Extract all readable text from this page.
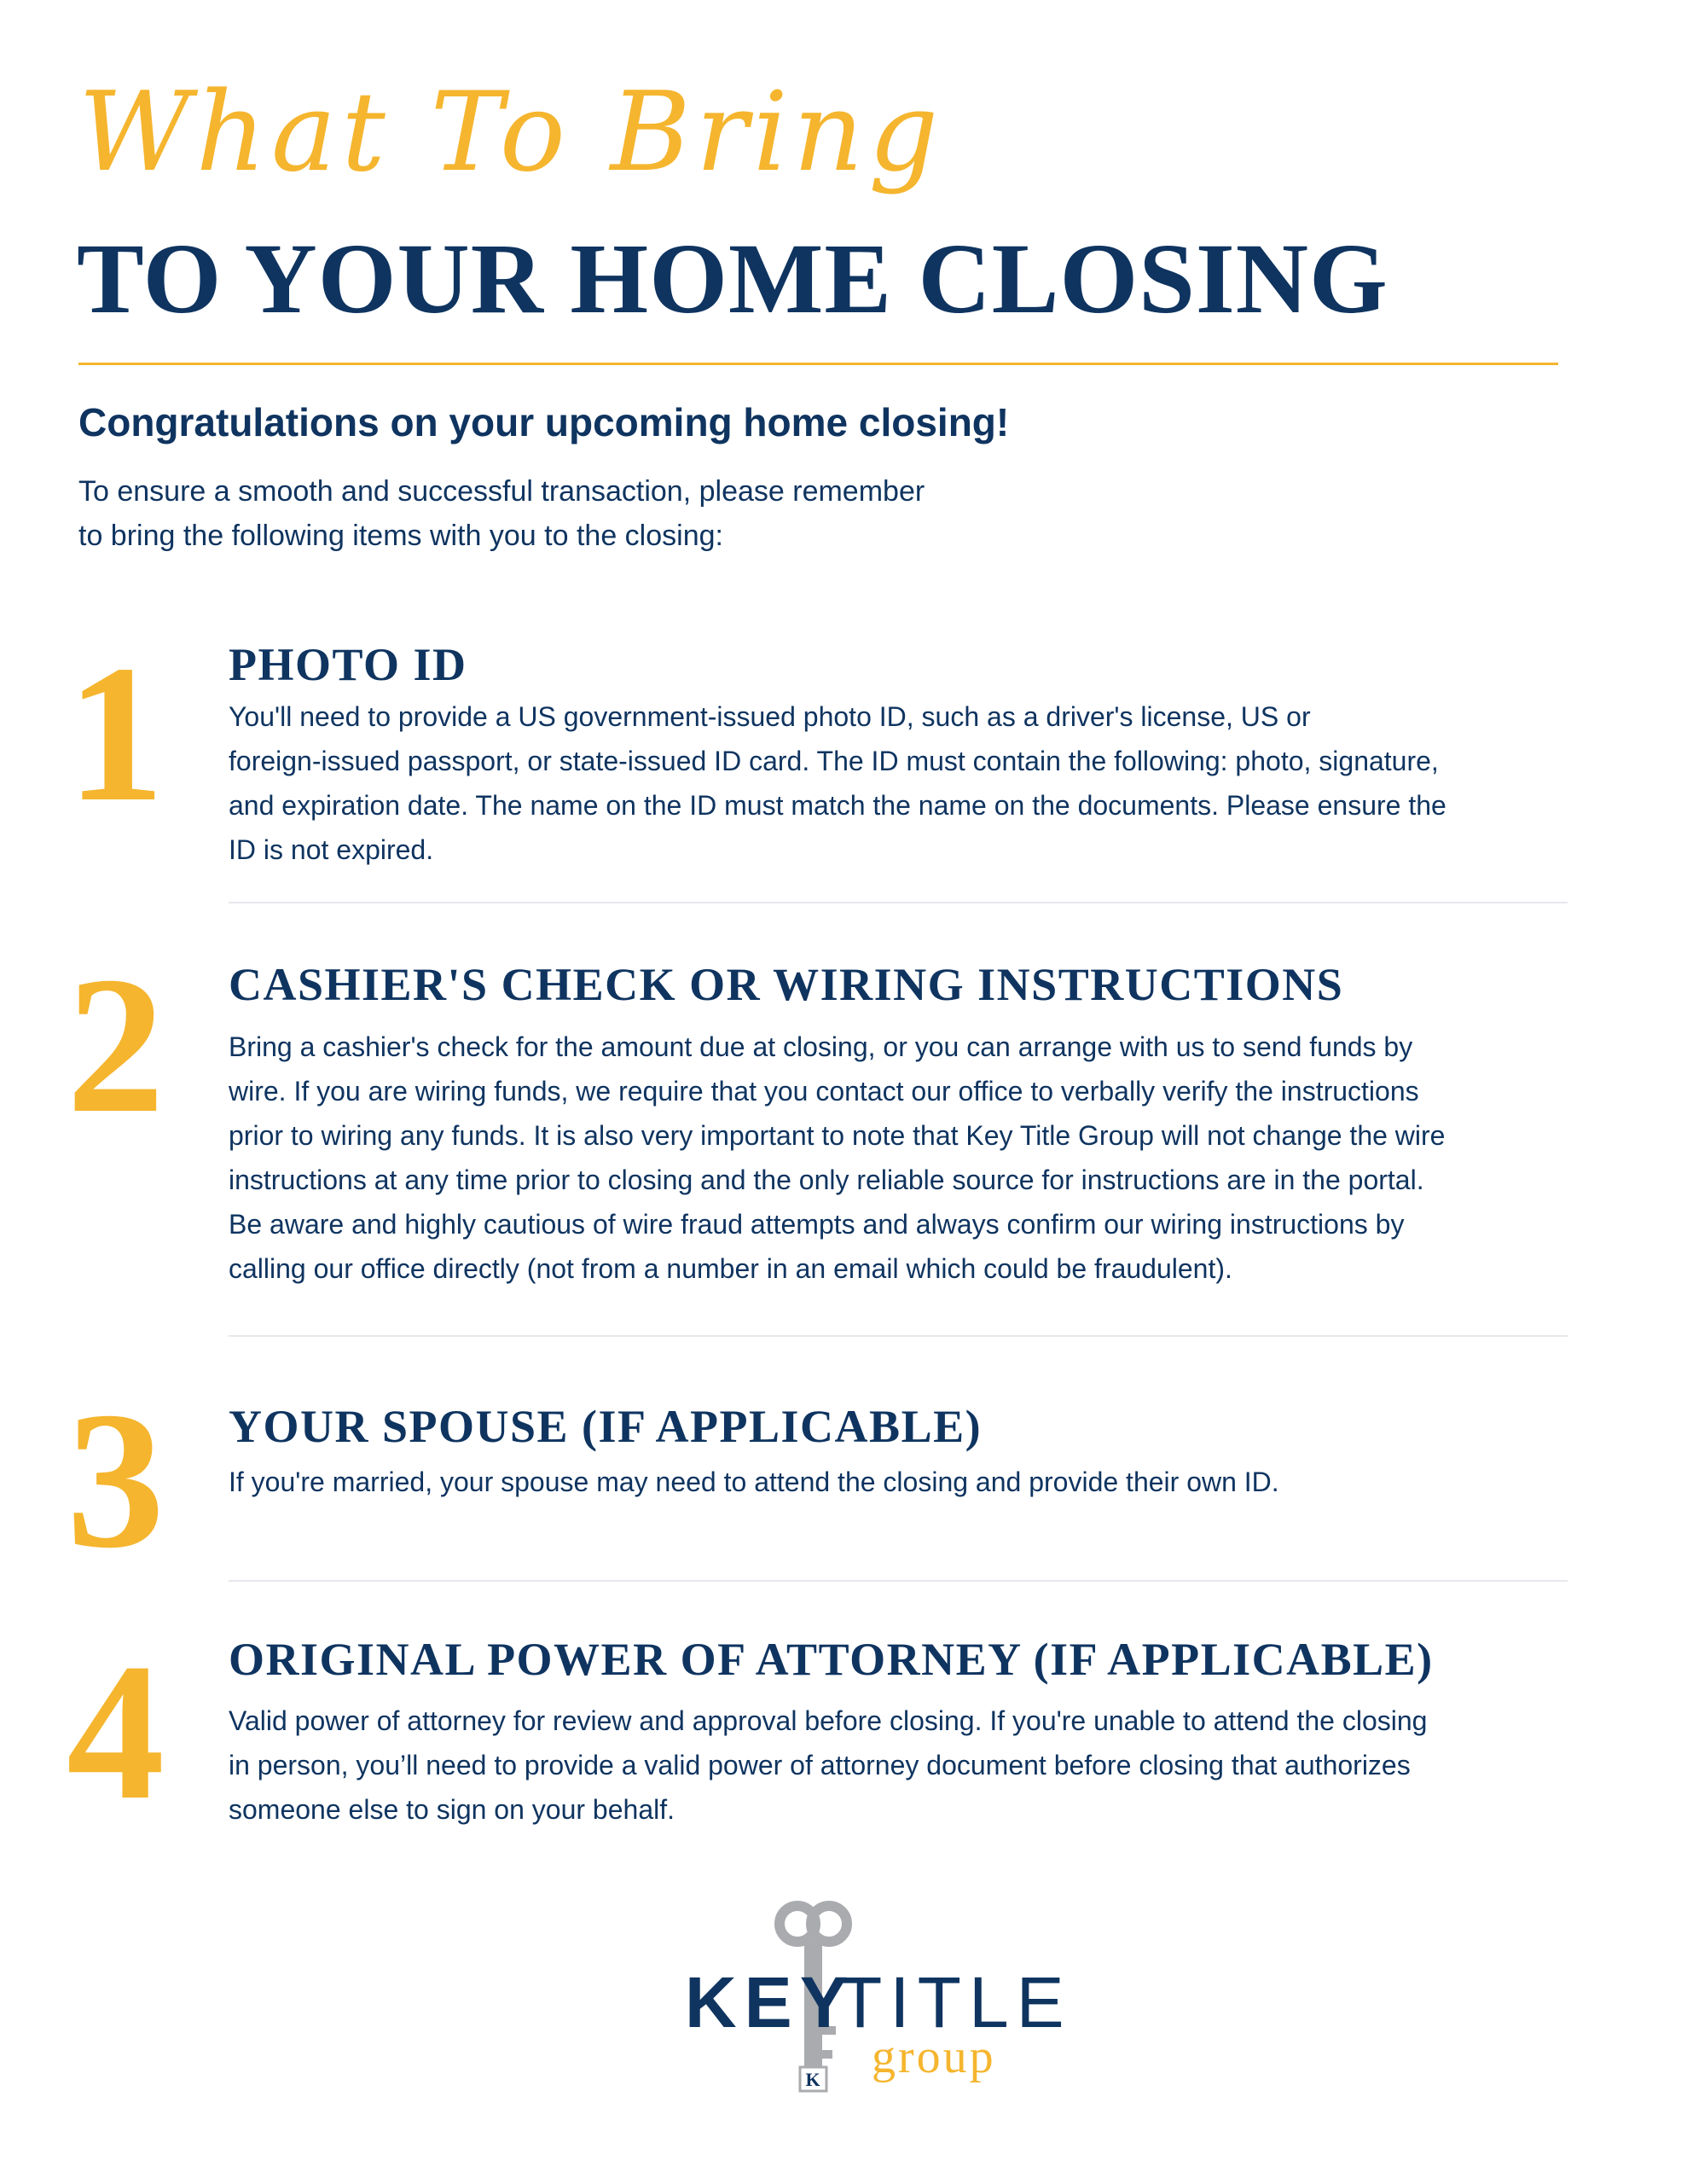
What To Bring
TO YOUR HOME CLOSING
Congratulations on your upcoming home closing!
To ensure a smooth and successful transaction, please remember
to bring the following items with you to the closing:
1 PHOTO ID
You'll need to provide a US government-issued photo ID, such as a driver's license, US or
foreign-issued passport, or state-issued ID card. The ID must contain the following: photo, signature,
and expiration date. The name on the ID must match the name on the documents. Please ensure the
ID is not expired.
2 CASHIER'S CHECK OR WIRING INSTRUCTIONS
Bring a cashier's check for the amount due at closing, or you can arrange with us to send funds by
wire. If you are wiring funds, we require that you contact our office to verbally verify the instructions
prior to wiring any funds. It is also very important to note that Key Title Group will not change the wire
instructions at any time prior to closing and the only reliable source for instructions are in the portal.
Be aware and highly cautious of wire fraud attempts and always confirm our wiring instructions by
calling our office directly (not from a number in an email which could be fraudulent).
3 YOUR SPOUSE (IF APPLICABLE)
If you're married, your spouse may need to attend the closing and provide their own ID.
4 ORIGINAL POWER OF ATTORNEY (IF APPLICABLE)
Valid power of attorney for review and approval before closing. If you're unable to attend the closing
in person, you’ll need to provide a valid power of attorney document before closing that authorizes
someone else to sign on your behalf.
K
KEY
TITLE
group
